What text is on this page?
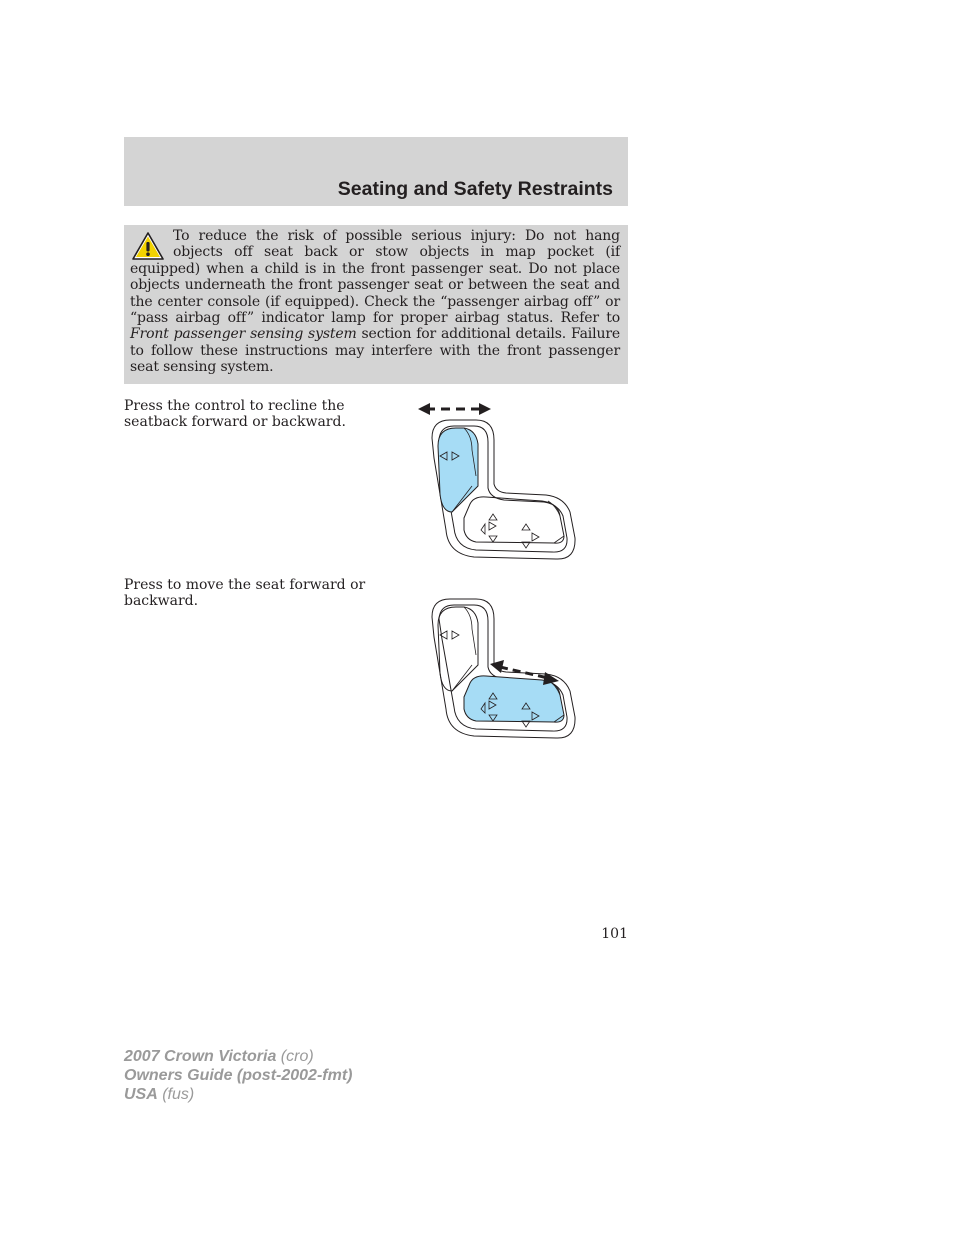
Seating and Safety Restraints

To reduce the risk of possible serious injury: Do not hang objects off seat back or stow objects in map pocket (if equipped) when a child is in the front passenger seat. Do not place objects underneath the front passenger seat or between the seat and the center console (if equipped). Check the “passenger airbag off” or “pass airbag off” indicator lamp for proper airbag status. Refer to Front passenger sensing system section for additional details. Failure to follow these instructions may interfere with the front passenger seat sensing system.

Press the control to recline the seatback forward or backward.

Press to move the seat forward or backward.

101
2007 Crown Victoria (cro)
Owners Guide (post-2002-fmt)
USA (fus)
